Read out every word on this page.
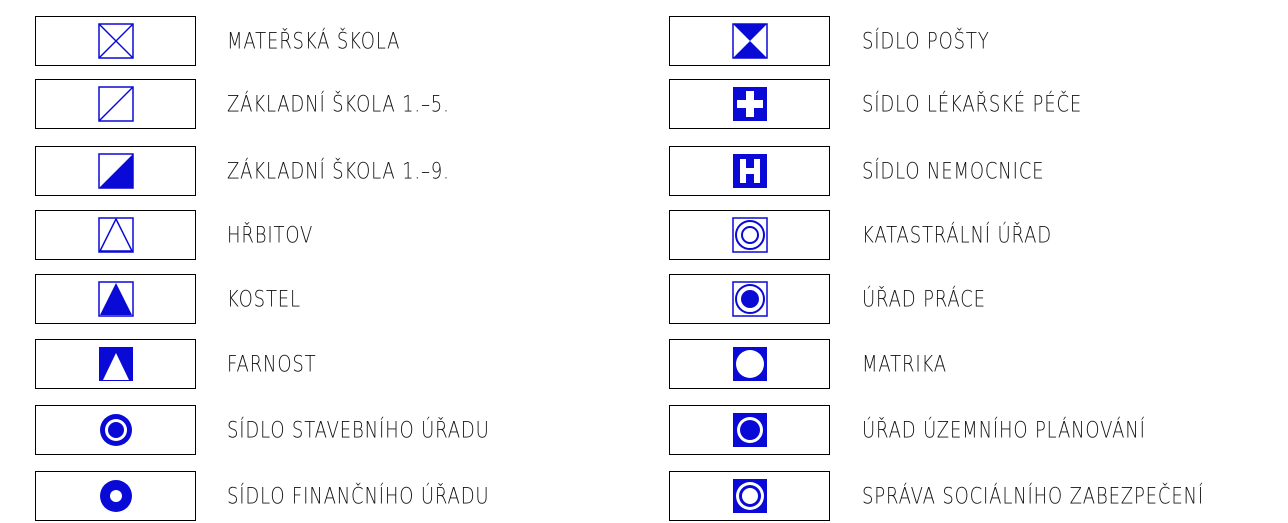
MATEŘSKÁ ŠKOLA
ZÁKLADNÍ ŠKOLA 1.–5.
ZÁKLADNÍ ŠKOLA 1.–9.
HŘBITOV
KOSTEL
FARNOST
SÍDLO STAVEBNÍHO ÚŘADU
SÍDLO FINANČNÍHO ÚŘADU
SÍDLO POŠTY
SÍDLO LÉKAŘSKÉ PÉČE
SÍDLO NEMOCNICE
KATASTRÁLNÍ ÚŘAD
ÚŘAD PRÁCE
MATRIKA
ÚŘAD ÚZEMNÍHO PLÁNOVÁNÍ
SPRÁVA SOCIÁLNÍHO ZABEZPEČENÍ
